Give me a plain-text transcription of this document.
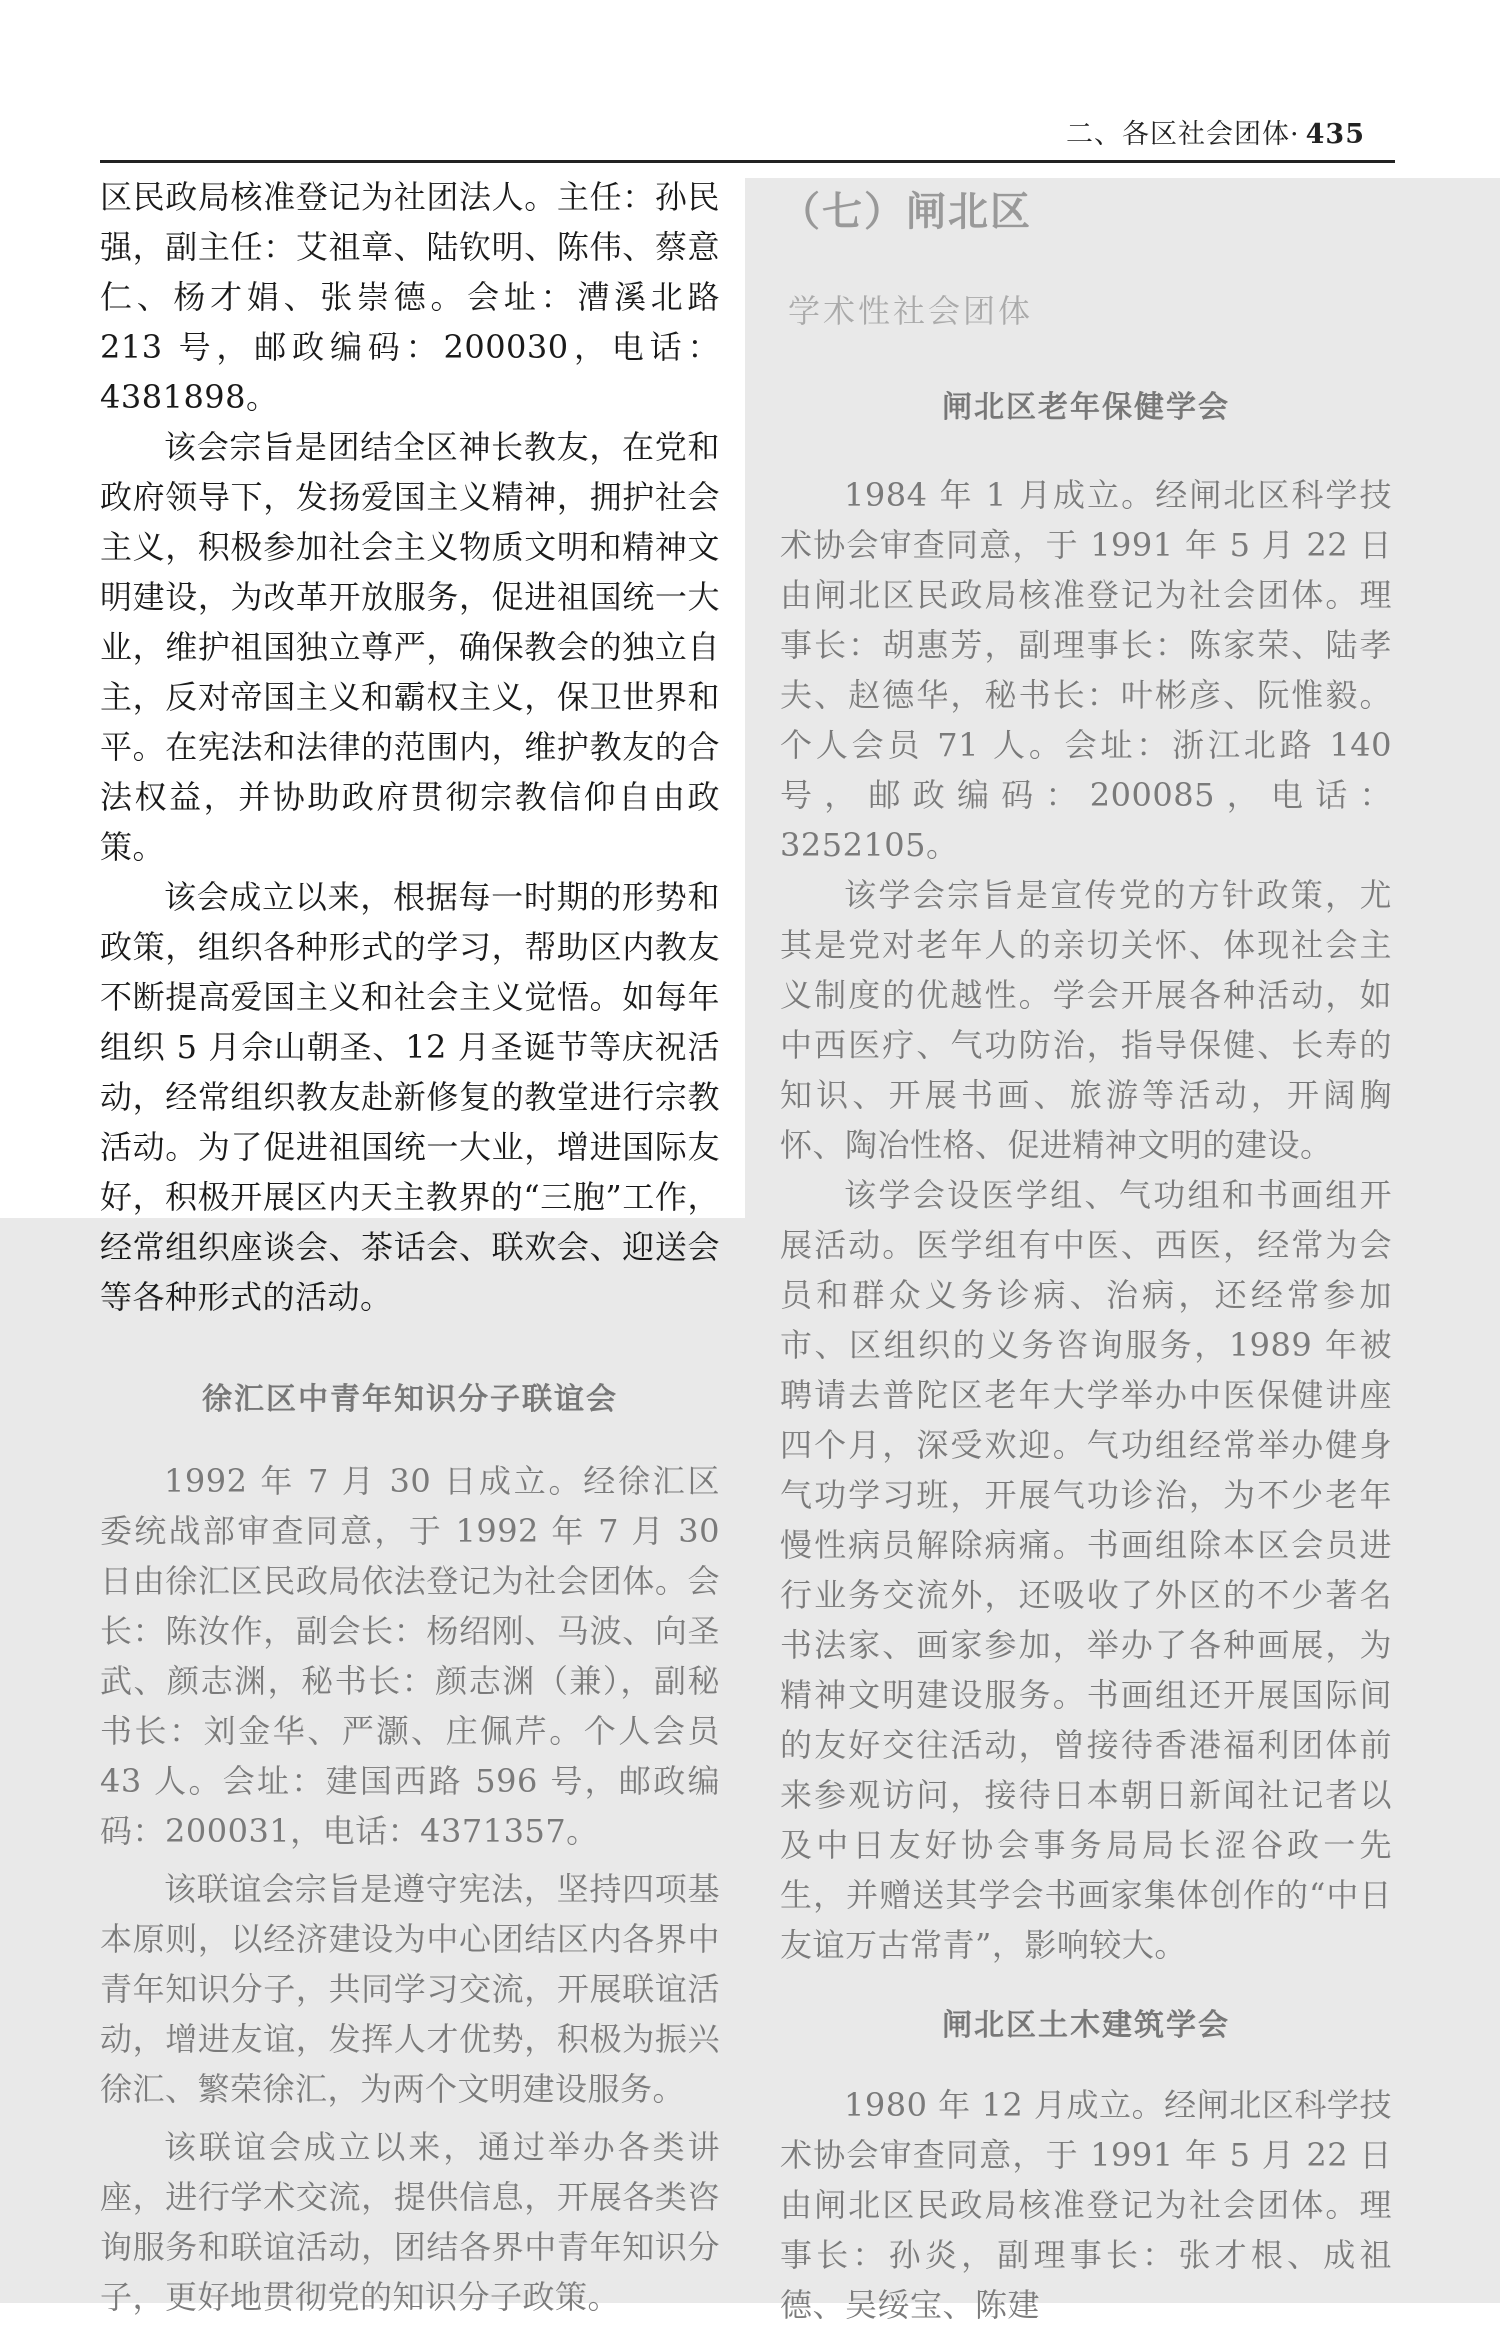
二、各区社会团体· 435

区民政局核准登记为社团法人。主任：孙民强，副主任：艾祖章、陆钦明、陈伟、蔡意仁、杨才娟、张崇德。会址：漕溪北路 213 号，邮政编码：200030，电话：4381898。

该会宗旨是团结全区神长教友，在党和政府领导下，发扬爱国主义精神，拥护社会主义，积极参加社会主义物质文明和精神文明建设，为改革开放服务，促进祖国统一大业，维护祖国独立尊严，确保教会的独立自主，反对帝国主义和霸权主义，保卫世界和平。在宪法和法律的范围内，维护教友的合法权益，并协助政府贯彻宗教信仰自由政策。

该会成立以来，根据每一时期的形势和政策，组织各种形式的学习，帮助区内教友不断提高爱国主义和社会主义觉悟。如每年组织 5 月佘山朝圣、12 月圣诞节等庆祝活动，经常组织教友赴新修复的教堂进行宗教活动。为了促进祖国统一大业，增进国际友好，积极开展区内天主教界的“三胞”工作，经常组织座谈会、茶话会、联欢会、迎送会等各种形式的活动。

徐汇区中青年知识分子联谊会

1992 年 7 月 30 日成立。经徐汇区委统战部审查同意，于 1992 年 7 月 30 日由徐汇区民政局依法登记为社会团体。会长：陈汝作，副会长：杨绍刚、马波、向圣武、颜志渊，秘书长：颜志渊（兼），副秘书长：刘金华、严灏、庄佩芹。个人会员 43 人。会址：建国西路 596 号，邮政编码：200031，电话：4371357。

该联谊会宗旨是遵守宪法，坚持四项基本原则，以经济建设为中心团结区内各界中青年知识分子，共同学习交流，开展联谊活动，增进友谊，发挥人才优势，积极为振兴徐汇、繁荣徐汇，为两个文明建设服务。

该联谊会成立以来，通过举办各类讲座，进行学术交流，提供信息，开展各类咨询服务和联谊活动，团结各界中青年知识分子，更好地贯彻党的知识分子政策。

（七）闸北区
学术性社会团体
闸北区老年保健学会

1984 年 1 月成立。经闸北区科学技术协会审查同意，于 1991 年 5 月 22 日由闸北区民政局核准登记为社会团体。理事长：胡惠芳，副理事长：陈家荣、陆孝夫、赵德华，秘书长：叶彬彦、阮惟毅。个人会员 71 人。会址：浙江北路 140 号，邮政编码：200085，电话：3252105。

该学会宗旨是宣传党的方针政策，尤其是党对老年人的亲切关怀、体现社会主义制度的优越性。学会开展各种活动，如中西医疗、气功防治，指导保健、长寿的知识、开展书画、旅游等活动，开阔胸怀、陶冶性格、促进精神文明的建设。

该学会设医学组、气功组和书画组开展活动。医学组有中医、西医，经常为会员和群众义务诊病、治病，还经常参加市、区组织的义务咨询服务，1989 年被聘请去普陀区老年大学举办中医保健讲座四个月，深受欢迎。气功组经常举办健身气功学习班，开展气功诊治，为不少老年慢性病员解除病痛。书画组除本区会员进行业务交流外，还吸收了外区的不少著名书法家、画家参加，举办了各种画展，为精神文明建设服务。书画组还开展国际间的友好交往活动，曾接待香港福利团体前来参观访问，接待日本朝日新闻社记者以及中日友好协会事务局局长涩谷政一先生，并赠送其学会书画家集体创作的“中日友谊万古常青”，影响较大。

闸北区土木建筑学会

1980 年 12 月成立。经闸北区科学技术协会审查同意，于 1991 年 5 月 22 日由闸北区民政局核准登记为社会团体。理事长：孙炎，副理事长：张才根、成祖德、吴绥宝、陈建
